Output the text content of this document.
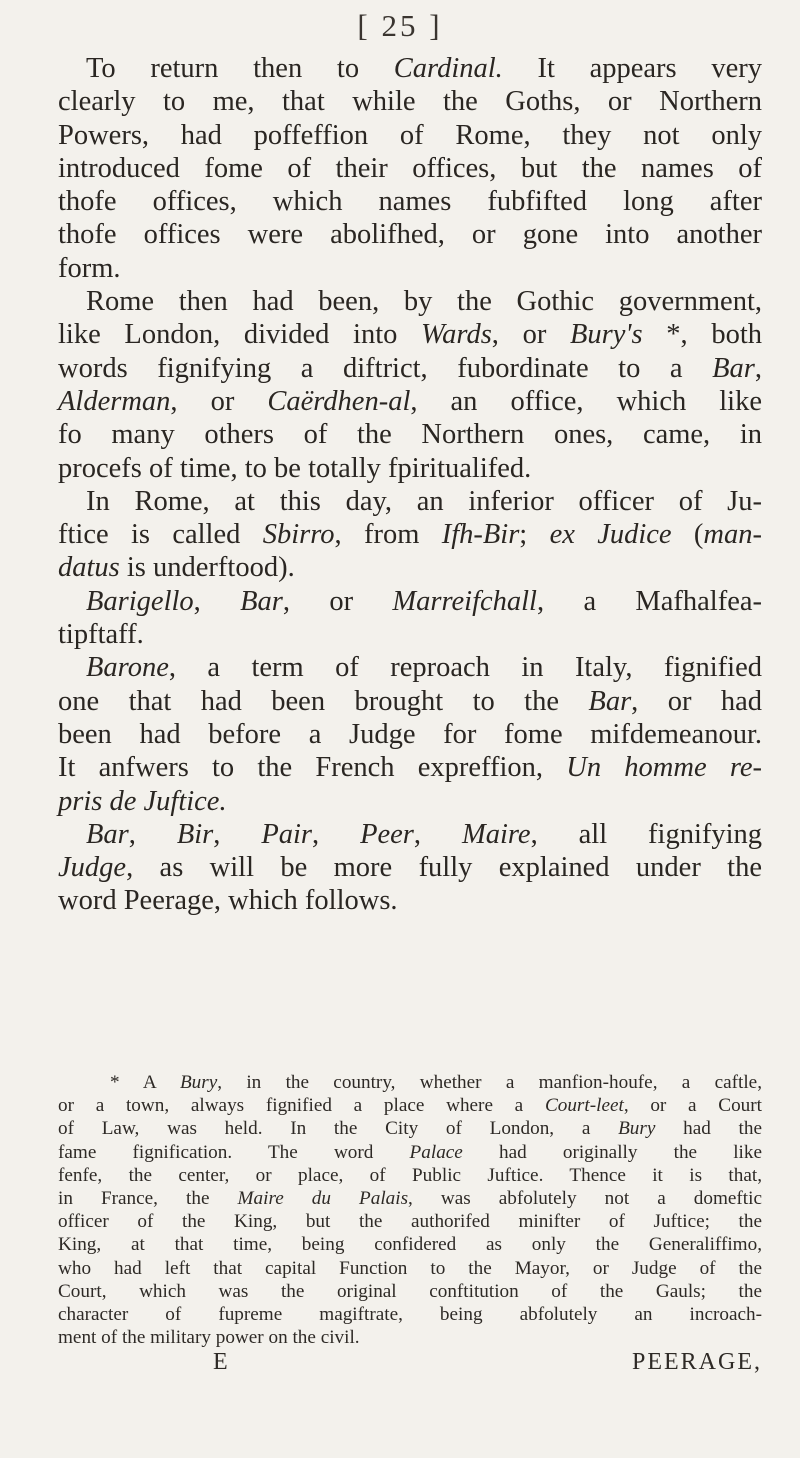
[ 25 ]
To return then to Cardinal. It appears very
clearly to me, that while the Goths, or Northern
Powers, had poffeffion of Rome, they not only
introduced fome of their offices, but the names of
thofe offices, which names fubfifted long after
thofe offices were abolifhed, or gone into another
form.
Rome then had been, by the Gothic government,
like London, divided into Wards, or Bury's *, both
words fignifying a diftrict, fubordinate to a Bar,
Alderman, or Caërdhen-al, an office, which like
fo many others of the Northern ones, came, in
procefs of time, to be totally fpiritualifed.
In Rome, at this day, an inferior officer of Ju-
ftice is called Sbirro, from Ifh-Bir; ex Judice (man-
datus is underftood).
Barigello, Bar, or Marreifchall, a Mafhalfea-
tipftaff.
Barone, a term of reproach in Italy, fignified
one that had been brought to the Bar, or had
been had before a Judge for fome mifdemeanour.
It anfwers to the French expreffion, Un homme re-
pris de Juftice.
Bar, Bir, Pair, Peer, Maire, all fignifying
Judge, as will be more fully explained under the
word Peerage, which follows.
* A Bury, in the country, whether a manfion-houfe, a caftle,
or a town, always fignified a place where a Court-leet, or a Court
of Law, was held. In the City of London, a Bury had the
fame fignification. The word Palace had originally the like
fenfe, the center, or place, of Public Juftice. Thence it is that,
in France, the Maire du Palais, was abfolutely not a domeftic
officer of the King, but the authorifed minifter of Juftice; the
King, at that time, being confidered as only the Generaliffimo,
who had left that capital Function to the Mayor, or Judge of the
Court, which was the original conftitution of the Gauls; the
character of fupreme magiftrate, being abfolutely an incroach-
ment of the military power on the civil.
E	PEERAGE,
